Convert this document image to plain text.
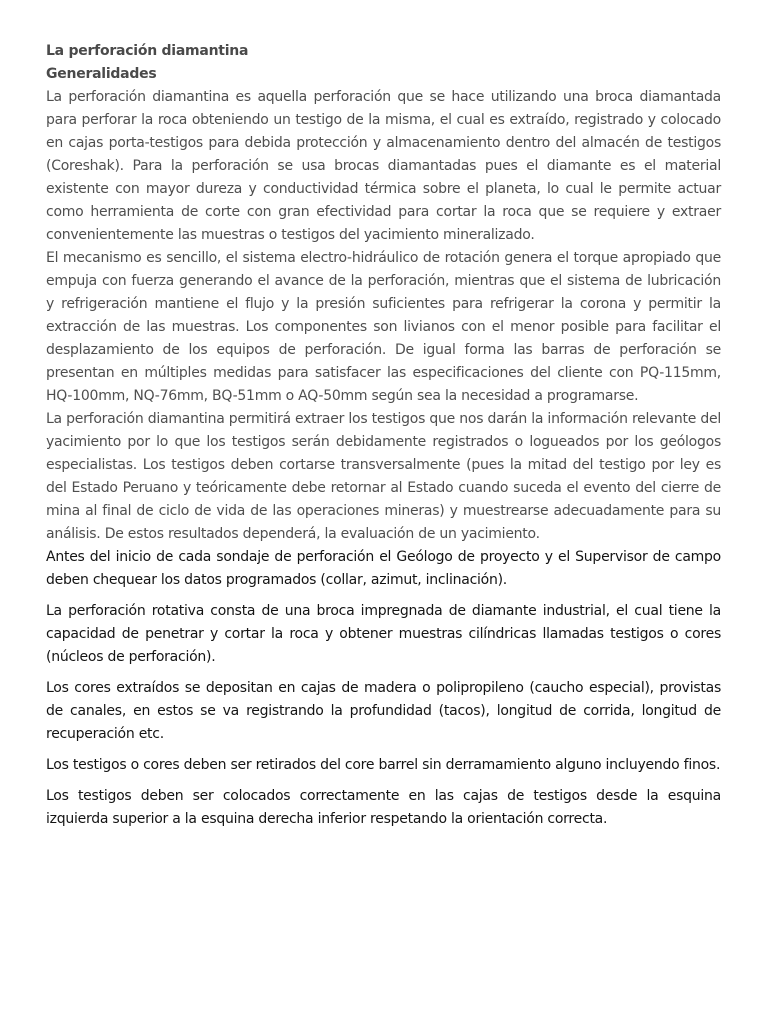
La perforación diamantina
Generalidades

La perforación diamantina es aquella perforación que se hace utilizando una broca diamantada para perforar la roca obteniendo un testigo de la misma, el cual es extraído, registrado y colocado en cajas porta-testigos para debida protección y almacenamiento dentro del almacén de testigos (Coreshak). Para la perforación se usa brocas diamantadas pues el diamante es el material existente con mayor dureza y conductividad térmica sobre el planeta, lo cual le permite actuar como herramienta de corte con gran efectividad para cortar la roca que se requiere y extraer convenientemente las muestras o testigos del yacimiento mineralizado.

El mecanismo es sencillo, el sistema electro-hidráulico de rotación genera el torque apropiado que empuja con fuerza generando el avance de la perforación, mientras que el sistema de lubricación y refrigeración mantiene el flujo y la presión suficientes para refrigerar la corona y permitir la extracción de las muestras. Los componentes son livianos con el menor posible para facilitar el desplazamiento de los equipos de perforación. De igual forma las barras de perforación se presentan en múltiples medidas para satisfacer las especificaciones del cliente con PQ-115mm, HQ-100mm, NQ-76mm, BQ-51mm o AQ-50mm según sea la necesidad a programarse.

La perforación diamantina permitirá extraer los testigos que nos darán la información relevante del yacimiento por lo que los testigos serán debidamente registrados o logueados por los geólogos especialistas. Los testigos deben cortarse transversalmente (pues la mitad del testigo por ley es del Estado Peruano y teóricamente debe retornar al Estado cuando suceda el evento del cierre de mina al final de ciclo de vida de las operaciones mineras) y muestrearse adecuadamente para su análisis. De estos resultados dependerá, la evaluación de un yacimiento.

Antes del inicio de cada sondaje de perforación el Geólogo de proyecto y el Supervisor de campo deben chequear los datos programados (collar, azimut, inclinación).

La perforación rotativa consta de una broca impregnada de diamante industrial, el cual tiene la capacidad de penetrar y cortar la roca y obtener muestras cilíndricas llamadas testigos o cores (núcleos de perforación).

Los cores extraídos se depositan en cajas de madera o polipropileno (caucho especial), provistas de canales, en estos se va registrando la profundidad (tacos), longitud de corrida, longitud de recuperación etc.

Los testigos o cores deben ser retirados del core barrel sin derramamiento alguno incluyendo finos.

Los testigos deben ser colocados correctamente en las cajas de testigos desde la esquina izquierda superior a la esquina derecha inferior respetando la orientación correcta.
